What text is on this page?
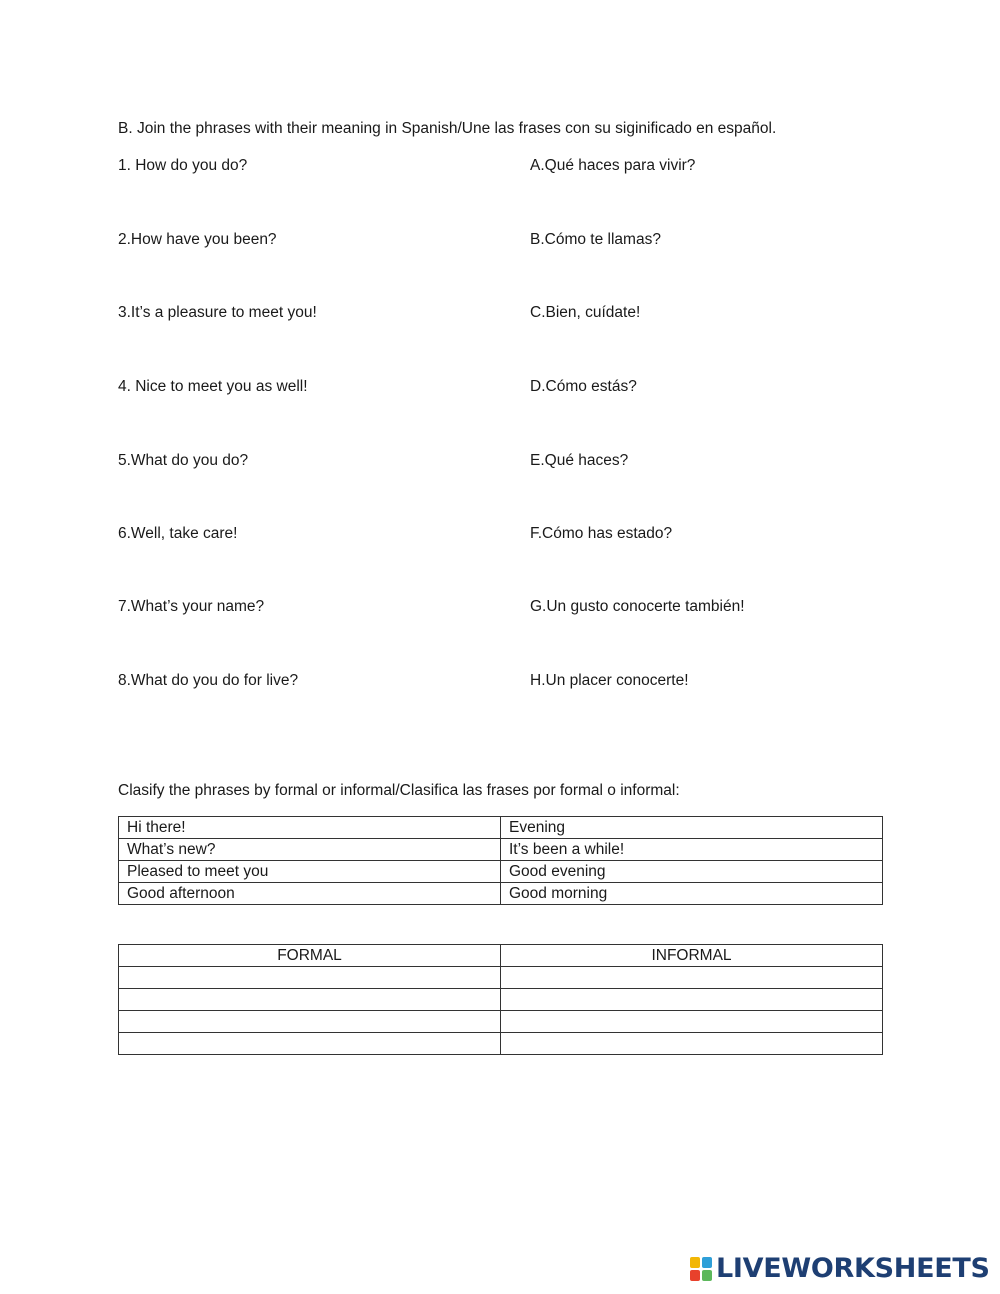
B. Join the phrases with their meaning in Spanish/Une las frases con su siginificado en español.
1. How do you do?	A.Qué haces para vivir?
2.How have you been?	B.Cómo te llamas?
3.It’s a pleasure to meet you!	C.Bien, cuídate!
4. Nice to meet you as well!	D.Cómo estás?
5.What do you do?	E.Qué haces?
6.Well, take care!	F.Cómo has estado?
7.What’s your name?	G.Un gusto conocerte también!
8.What do you do for live?	H.Un placer conocerte!
Clasify the phrases by formal or informal/Clasifica las frases por formal o informal:
Hi there!	Evening
What’s new?	It’s been a while!
Pleased to meet you	Good evening
Good afternoon	Good morning
FORMAL	INFORMAL

LIVEWORKSHEETS
